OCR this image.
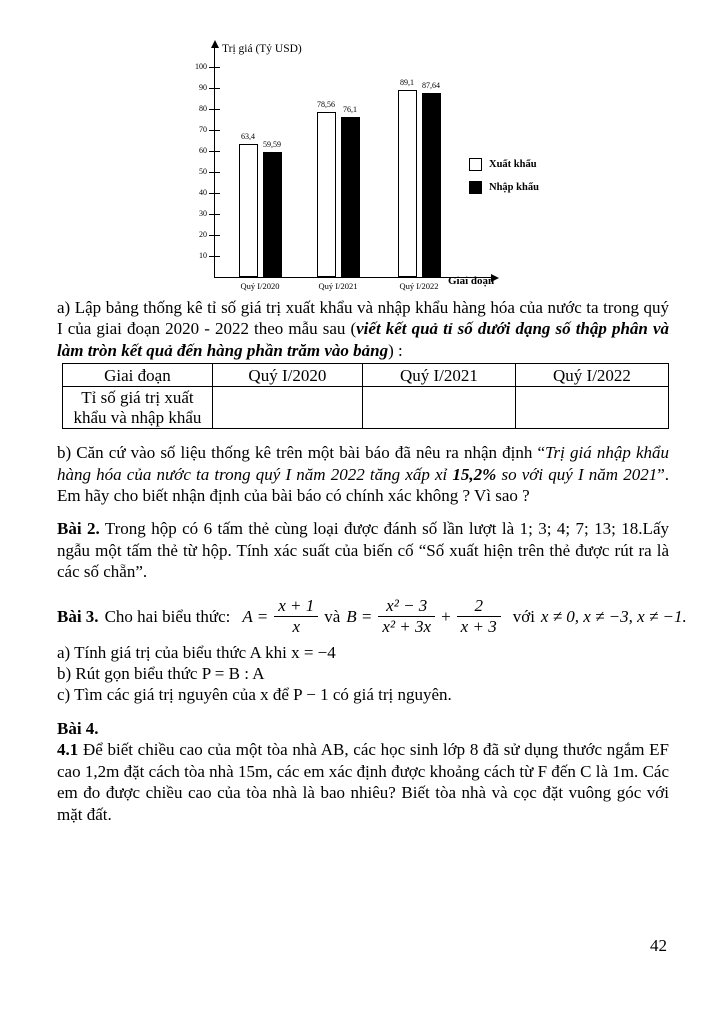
Trị giá (Tỷ USD)
Giai đoạn
10
20
30
40
50
60
70
80
90
100
Quý I/2020	Quý I/2021	Quý I/2022
63,4
78,56
89,1
59,59
76,1
87,64
Xuất khẩu
Nhập khẩu

a) Lập bảng thống kê tỉ số giá trị xuất khẩu và nhập khẩu hàng hóa của nước ta trong quý I của giai đoạn 2020 - 2022 theo mẫu sau (viết kết quả tỉ số dưới dạng số thập phân và làm tròn kết quả đến hàng phần trăm vào bảng) :

Giai đoạn	Quý I/2020	Quý I/2021	Quý I/2022
Tỉ số giá trị xuất khẩu và nhập khẩu			

b) Căn cứ vào số liệu thống kê trên một bài báo đã nêu ra nhận định “Trị giá nhập khẩu hàng hóa của nước ta trong quý I năm 2022 tăng xấp xỉ 15,2% so với quý I năm 2021”. Em hãy cho biết nhận định của bài báo có chính xác không ? Vì sao ?

Bài 2. Trong hộp có 6 tấm thẻ cùng loại được đánh số lần lượt là 1; 3; 4; 7; 13; 18.Lấy ngẫu một tấm thẻ từ hộp. Tính xác suất của biến cố “Số xuất hiện trên thẻ được rút ra là các số chẵn”.

Bài 3. Cho hai biểu thức: $A = \frac{x + 1}{x}$ và $B = \frac{\text{x² − 3}}{\text{x² + 3x}} + \frac{2}{x + 3}$ với x ≠ 0, x ≠ −3, x ≠ −1.

a) Tính giá trị của biểu thức A khi x = −4

b) Rút gọn biểu thức P = B : A

c) Tìm các giá trị nguyên của x để P − 1 có giá trị nguyên.

Bài 4.

4.1 Để biết chiều cao của một tòa nhà AB, các học sinh lớp 8 đã sử dụng thước ngắm EF cao 1,2m đặt cách tòa nhà 15m, các em xác định được khoảng cách từ F đến C là 1m. Các em đo được chiều cao của tòa nhà là bao nhiêu? Biết tòa nhà và cọc đặt vuông góc với mặt đất.

42
